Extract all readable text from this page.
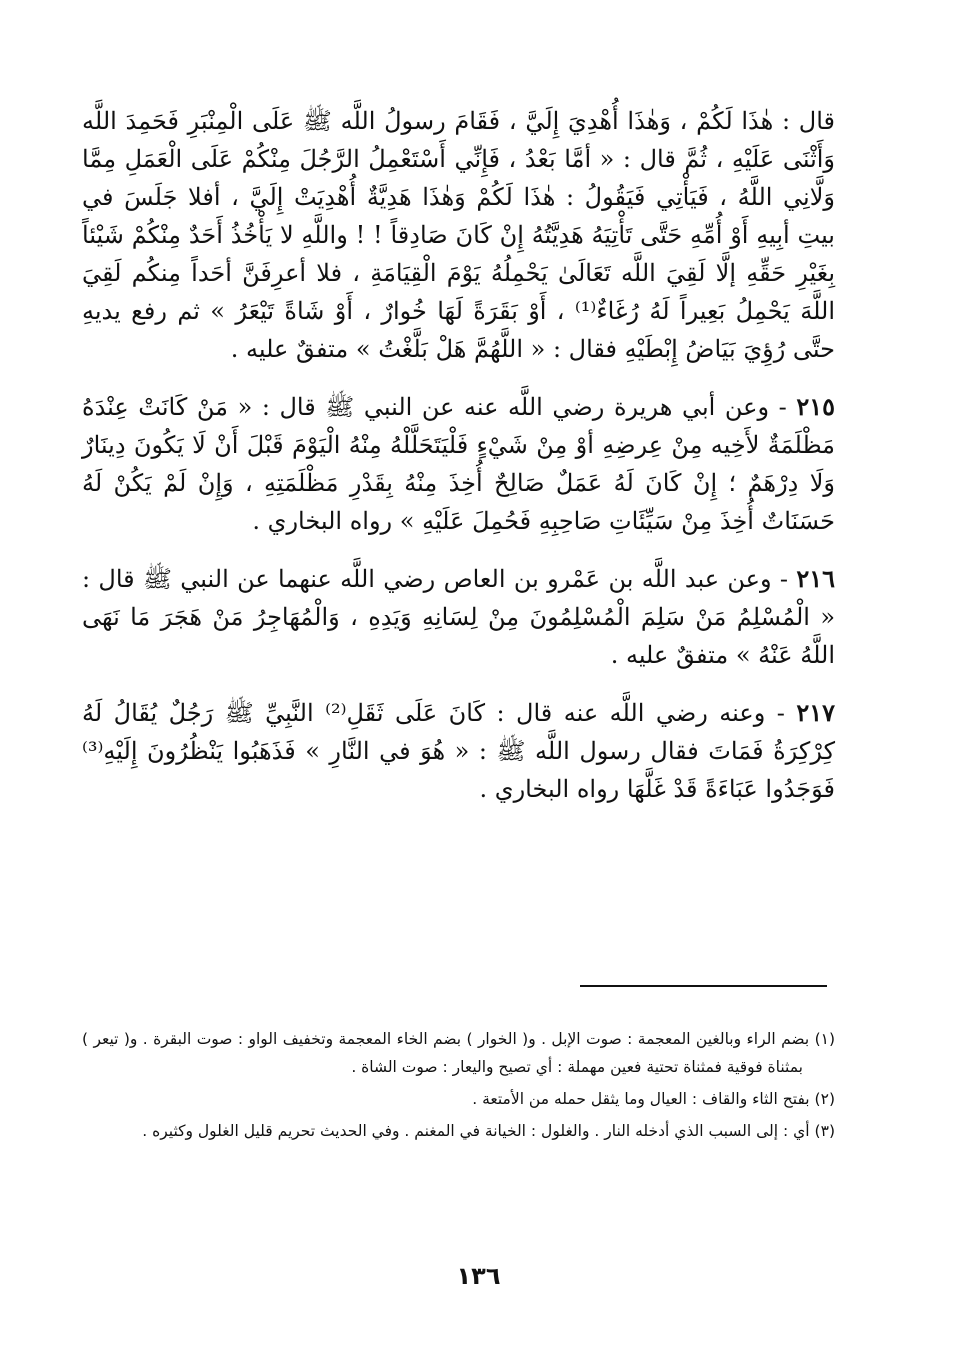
قال : هٰذَا لَكُمْ ، وَهٰذَا أُهْدِيَ إِلَيَّ ، فَقَامَ رسولُ اللَّه ﷺ عَلَى الْمِنْبَرِ فَحَمِدَ اللَّه وَأَثْنَى عَلَيْهِ ، ثُمَّ قال : « أمَّا بَعْدُ ، فَإِنِّي أَسْتَعْمِلُ الرَّجُلَ مِنْكُمْ عَلَى الْعَمَلِ مِمَّا وَلَّانِي اللَّهُ ، فَيَأْتِي فَيَقُولُ : هٰذَا لَكُمْ وَهٰذَا هَدِيَّةٌ أُهْدِيَتْ إِلَيَّ ، أفلا جَلَسَ في بيتِ أبِيهِ أَوْ أُمِّهِ حَتَّى تَأْتِيَهُ هَدِيَّتُهُ إِنْ كَانَ صَادِقاً ! ! واللَّهِ لا يَأْخُذُ أَحَدٌ مِنْكُمْ شَيْئاً بِغَيْرِ حَقِّهِ إلَّا لَقِيَ اللَّه تَعَالَىٰ يَحْمِلُهُ يَوْمَ الْقِيَامَةِ ، فلا أعرِفَنَّ أحَداً مِنكُم لَقِيَ اللَّهَ يَحْمِلُ بَعِيراً لَهُ رُغَاءٌ⁽¹⁾ ، أَوْ بَقَرَةً لَهَا خُوارٌ ، أَوْ شَاةً تَيْعَرُ » ثم رفع يديهِ حتَّى رُؤِيَ بَيَاضُ إِبْطَيْهِ فقال : « اللَّهُمَّ هَلْ بَلَّغْتُ » متفقٌ عليه .

٢١٥ - وعن أبي هريرة رضي اللَّه عنه عن النبي ﷺ قال : « مَنْ كَانَتْ عِنْدَهُ مَظْلَمَةٌ لأَخِيه مِنْ عِرضِهِ أوْ مِنْ شَيْءٍ فَلْيَتَحَلَّلْهُ مِنْهُ الْيَوْمَ قَبْلَ أَنْ لَا يَكُونَ دِينَارٌ وَلَا دِرْهَمٌ ؛ إِنْ كَانَ لَهُ عَمَلٌ صَالِحٌ أُخِذَ مِنْهُ بِقَدْرِ مَظْلَمَتِهِ ، وَإِنْ لَمْ يَكُنْ لَهُ حَسَنَاتٌ أُخِذَ مِنْ سَيِّئَاتِ صَاحِبِهِ فَحُمِلَ عَلَيْهِ » رواه البخاري .

٢١٦ - وعن عبد اللَّه بن عَمْرو بن العاص رضي اللَّه عنهما عن النبي ﷺ قال : « الْمُسْلِمُ مَنْ سَلِمَ الْمُسْلِمُونَ مِنْ لِسَانِهِ وَيَدِهِ ، وَالْمُهَاجِرُ مَنْ هَجَرَ مَا نَهَى اللَّهُ عَنْهُ » متفقٌ عليه .

٢١٧ - وعنه رضي اللَّه عنه قال : كَانَ عَلَى ثَقَلِ⁽²⁾ النَّبِيِّ ﷺ رَجُلٌ يُقَالُ لَهُ كِرْكِرَةُ فَمَاتَ فقال رسول اللَّه ﷺ : « هُوَ في النَّارِ » فَذَهَبُوا يَنْظُرُونَ إِلَيْهِ⁽³⁾ فَوَجَدُوا عَبَاءَةً قَدْ غَلَّهَا رواه البخاري .

(١) بضم الراء وبالغين المعجمة : صوت الإبل . و( الخوار ) بضم الخاء المعجمة وتخفيف الواو : صوت البقرة . و( تيعر ) بمثناة فوقية فمثناة تحتية فعين مهملة : أي تصيح واليعار : صوت الشاة .

(٢) بفتح الثاء والقاف : العيال وما يثقل حمله من الأمتعة .

(٣) أي : إلى السبب الذي أدخله النار . والغلول : الخيانة في المغنم . وفي الحديث تحريم قليل الغلول وكثيره .

١٣٦
